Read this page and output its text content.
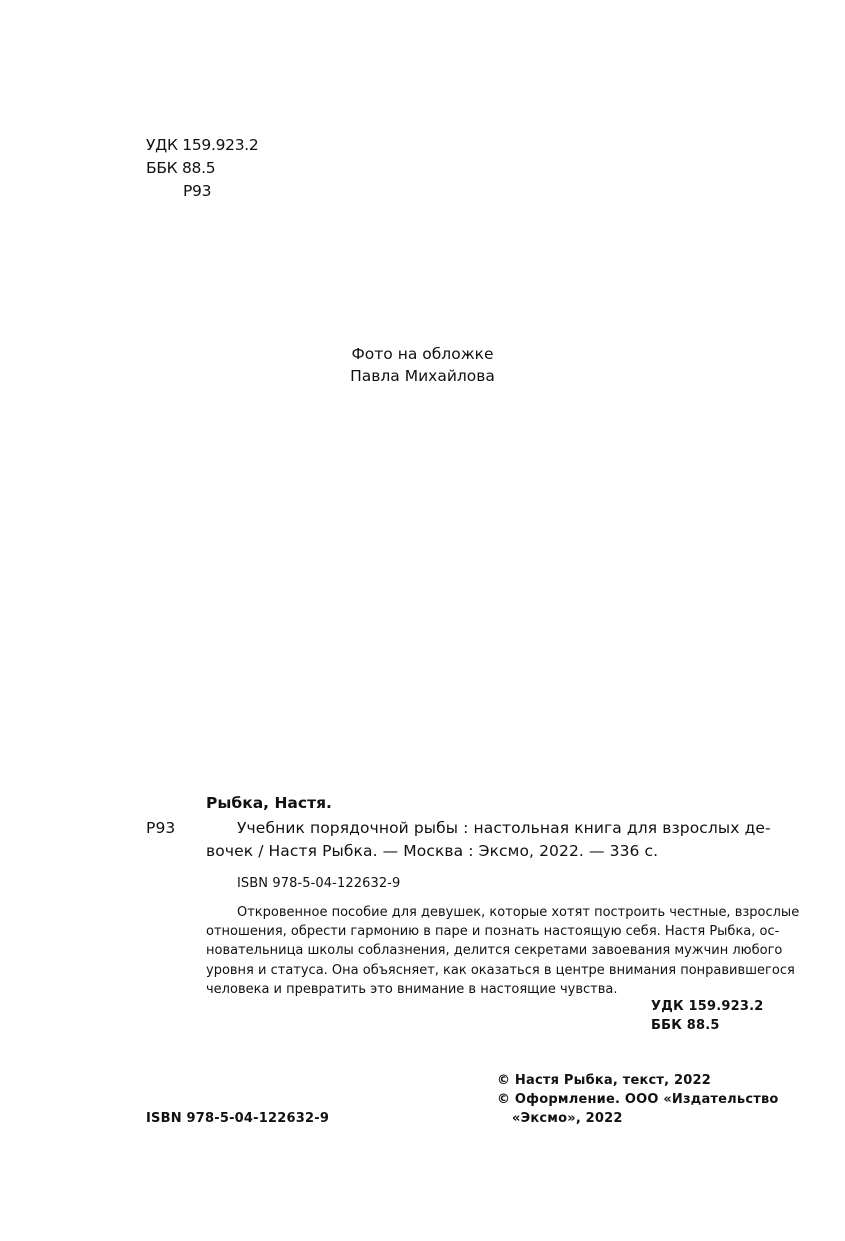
УДК 159.923.2
ББК 88.5
Р93
Фото на обложке
Павла Михайлова
Рыбка, Настя.
Р93	Учебник порядочной рыбы : настольная книга для взрослых де-
вочек / Настя Рыбка. — Москва : Эксмо, 2022. — 336 с.
ISBN 978-5-04-122632-9
Откровенное пособие для девушек, которые хотят построить честные, взрослые
отношения, обрести гармонию в паре и познать настоящую себя. Настя Рыбка, ос-
новательница школы соблазнения, делится секретами завоевания мужчин любого
уровня и статуса. Она объясняет, как оказаться в центре внимания понравившегося
человека и превратить это внимание в настоящие чувства.
УДК 159.923.2
ББК 88.5
© Настя Рыбка, текст, 2022
ISBN 978-5-04-122632-9
© Оформление. ООО «Издательство
«Эксмо», 2022
